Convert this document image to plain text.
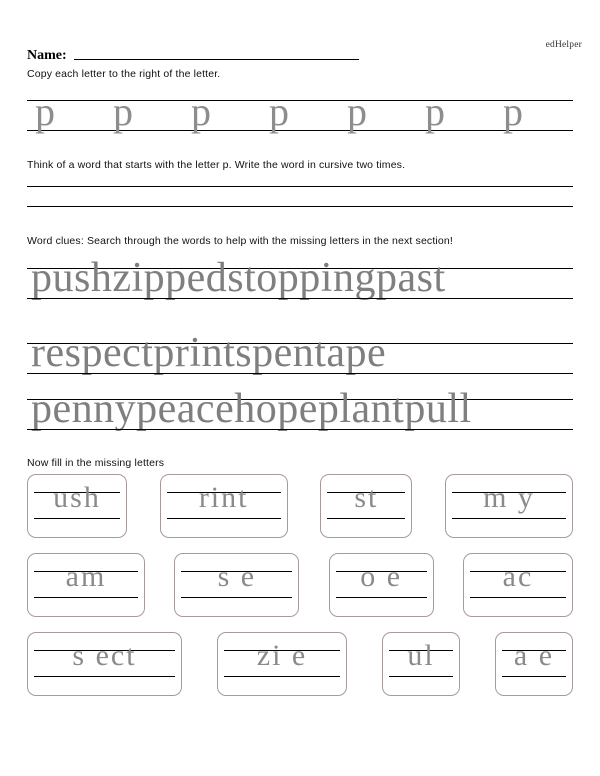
edHelper
Name:
Copy each letter to the right of the letter.
p p p p p p p
Think of a word that starts with the letter p. Write the word in cursive two times.
Word clues: Search through the words to help with the missing letters in the next section!
pushzippedstoppingpast
respectprintspentape
pennypeacehopeplantpull
Now fill in the missing letters
ush	rint	st	m y
am	s e	o e	ac
s ect	zi e	ul	a e
